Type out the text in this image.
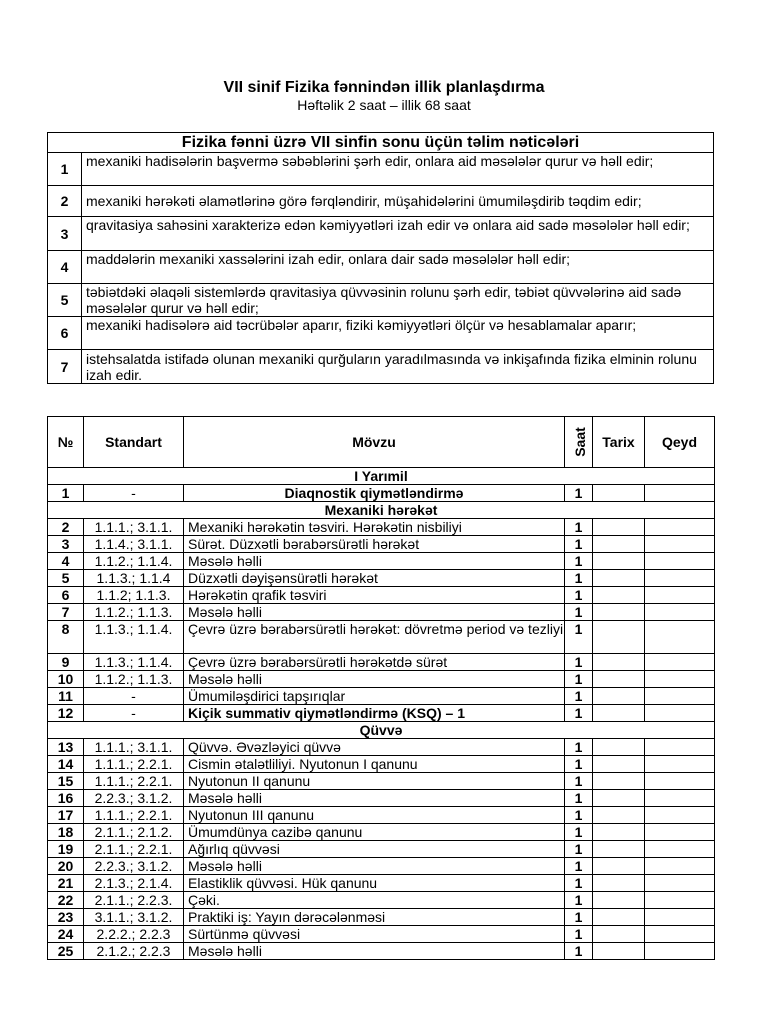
VII sinif Fizika fənnindən illik planlaşdırma
Həftəlik 2 saat – illik 68 saat
Fizika fənni üzrə VII sinfin sonu üçün təlim nəticələri	
1	mexaniki hadisələrin başvermə səbəblərini şərh edir, onlara aid məsələlər qurur və həll edir;
2	mexaniki hərəkəti əlamətlərinə görə fərqləndirir, müşahidələrini ümumiləşdirib təqdim edir;
3	qravitasiya sahəsini xarakterizə edən kəmiyyətləri izah edir və onlara aid sadə məsələlər həll edir;
4	maddələrin mexaniki xassələrini izah edir, onlara dair sadə məsələlər həll edir;
5	təbiətdəki əlaqəli sistemlərdə qravitasiya qüvvəsinin rolunu şərh edir, təbiət qüvvələrinə aid sadə məsələlər qurur və həll edir;
6	mexaniki hadisələrə aid təcrübələr aparır, fiziki kəmiyyətləri ölçür və hesablamalar aparır;
7	istehsalatda istifadə olunan mexaniki qurğuların yaradılmasında və inkişafında fizika elminin rolunu izah edir.
№	Standart	Mövzu	Saat	Tarix	Qeyd
I Yarımil					
1	-	Diaqnostik qiymətləndirmə	1		
Mexaniki hərəkət					
2	1.1.1.; 3.1.1.	Mexaniki hərəkətin təsviri. Hərəkətin nisbiliyi	1		
3	1.1.4.; 3.1.1.	Sürət. Düzxətli bərabərsürətli hərəkət	1		
4	1.1.2.; 1.1.4.	Məsələ həlli	1		
5	1.1.3.; 1.1.4	Düzxətli dəyişənsürətli hərəkət	1		
6	1.1.2; 1.1.3.	Hərəkətin qrafik təsviri	1		
7	1.1.2.; 1.1.3.	Məsələ həlli	1		
8	1.1.3.; 1.1.4.	Çevrə üzrə bərabərsürətli hərəkət: dövretmə period və tezliyi	1		
9	1.1.3.; 1.1.4.	Çevrə üzrə bərabərsürətli hərəkətdə sürət	1		
10	1.1.2.; 1.1.3.	Məsələ həlli	1		
11	-	Ümumiləşdirici tapşırıqlar	1		
12	-	Kiçik summativ qiymətləndirmə (KSQ) – 1	1		
Qüvvə					
13	1.1.1.; 3.1.1.	Qüvvə. Əvəzləyici qüvvə	1		
14	1.1.1.; 2.2.1.	Cismin ətalətliliyi. Nyutonun I qanunu	1		
15	1.1.1.; 2.2.1.	Nyutonun II qanunu	1		
16	2.2.3.; 3.1.2.	Məsələ həlli	1		
17	1.1.1.; 2.2.1.	Nyutonun III qanunu	1		
18	2.1.1.; 2.1.2.	Ümumdünya cazibə qanunu	1		
19	2.1.1.; 2.2.1.	Ağırlıq qüvvəsi	1		
20	2.2.3.; 3.1.2.	Məsələ həlli	1		
21	2.1.3.; 2.1.4.	Elastiklik qüvvəsi. Hük qanunu	1		
22	2.1.1.; 2.2.3.	Çəki.	1		
23	3.1.1.; 3.1.2.	Praktiki iş: Yayın dərəcələnməsi	1		
24	2.2.2.; 2.2.3	Sürtünmə qüvvəsi	1		
25	2.1.2.; 2.2.3	Məsələ həlli	1		
